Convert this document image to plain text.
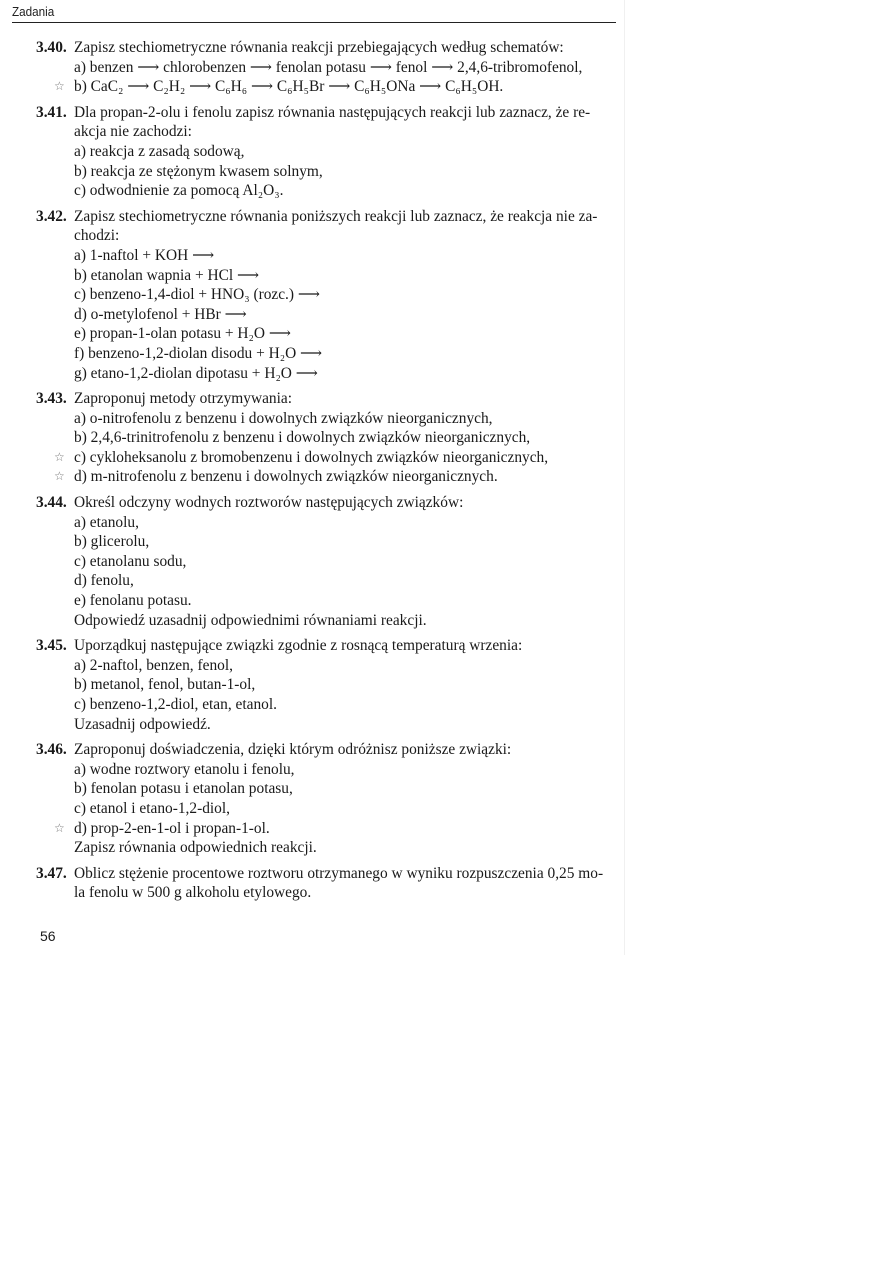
Zadania
3.40. Zapisz stechiometryczne równania reakcji przebiegających według schematów:
a) benzen ⟶ chlorobenzen ⟶ fenolan potasu ⟶ fenol ⟶ 2,4,6-tribromofenol,
☆ b) CaC₂ ⟶ C₂H₂ ⟶ C₆H₆ ⟶ C₆H₅Br ⟶ C₆H₅ONa ⟶ C₆H₅OH.
3.41. Dla propan-2-olu i fenolu zapisz równania następujących reakcji lub zaznacz, że re-
akcja nie zachodzi:
a) reakcja z zasadą sodową,
b) reakcja ze stężonym kwasem solnym,
c) odwodnienie za pomocą Al₂O₃.
3.42. Zapisz stechiometryczne równania poniższych reakcji lub zaznacz, że reakcja nie za-
chodzi:
a) 1-naftol + KOH ⟶
b) etanolan wapnia + HCl ⟶
c) benzeno-1,4-diol + HNO₃ (rozc.) ⟶
d) o-metylofenol + HBr ⟶
e) propan-1-olan potasu + H₂O ⟶
f) benzeno-1,2-diolan disodu + H₂O ⟶
g) etano-1,2-diolan dipotasu + H₂O ⟶
3.43. Zaproponuj metody otrzymywania:
a) o-nitrofenolu z benzenu i dowolnych związków nieorganicznych,
b) 2,4,6-trinitrofenolu z benzenu i dowolnych związków nieorganicznych,
☆ c) cykloheksanolu z bromobenzenu i dowolnych związków nieorganicznych,
☆ d) m-nitrofenolu z benzenu i dowolnych związków nieorganicznych.
3.44. Określ odczyny wodnych roztworów następujących związków:
a) etanolu,
b) glicerolu,
c) etanolanu sodu,
d) fenolu,
e) fenolanu potasu.
Odpowiedź uzasadnij odpowiednimi równaniami reakcji.
3.45. Uporządkuj następujące związki zgodnie z rosnącą temperaturą wrzenia:
a) 2-naftol, benzen, fenol,
b) metanol, fenol, butan-1-ol,
c) benzeno-1,2-diol, etan, etanol.
Uzasadnij odpowiedź.
3.46. Zaproponuj doświadczenia, dzięki którym odróżnisz poniższe związki:
a) wodne roztwory etanolu i fenolu,
b) fenolan potasu i etanolan potasu,
c) etanol i etano-1,2-diol,
☆ d) prop-2-en-1-ol i propan-1-ol.
Zapisz równania odpowiednich reakcji.
3.47. Oblicz stężenie procentowe roztworu otrzymanego w wyniku rozpuszczenia 0,25 mo-
la fenolu w 500 g alkoholu etylowego.
56
